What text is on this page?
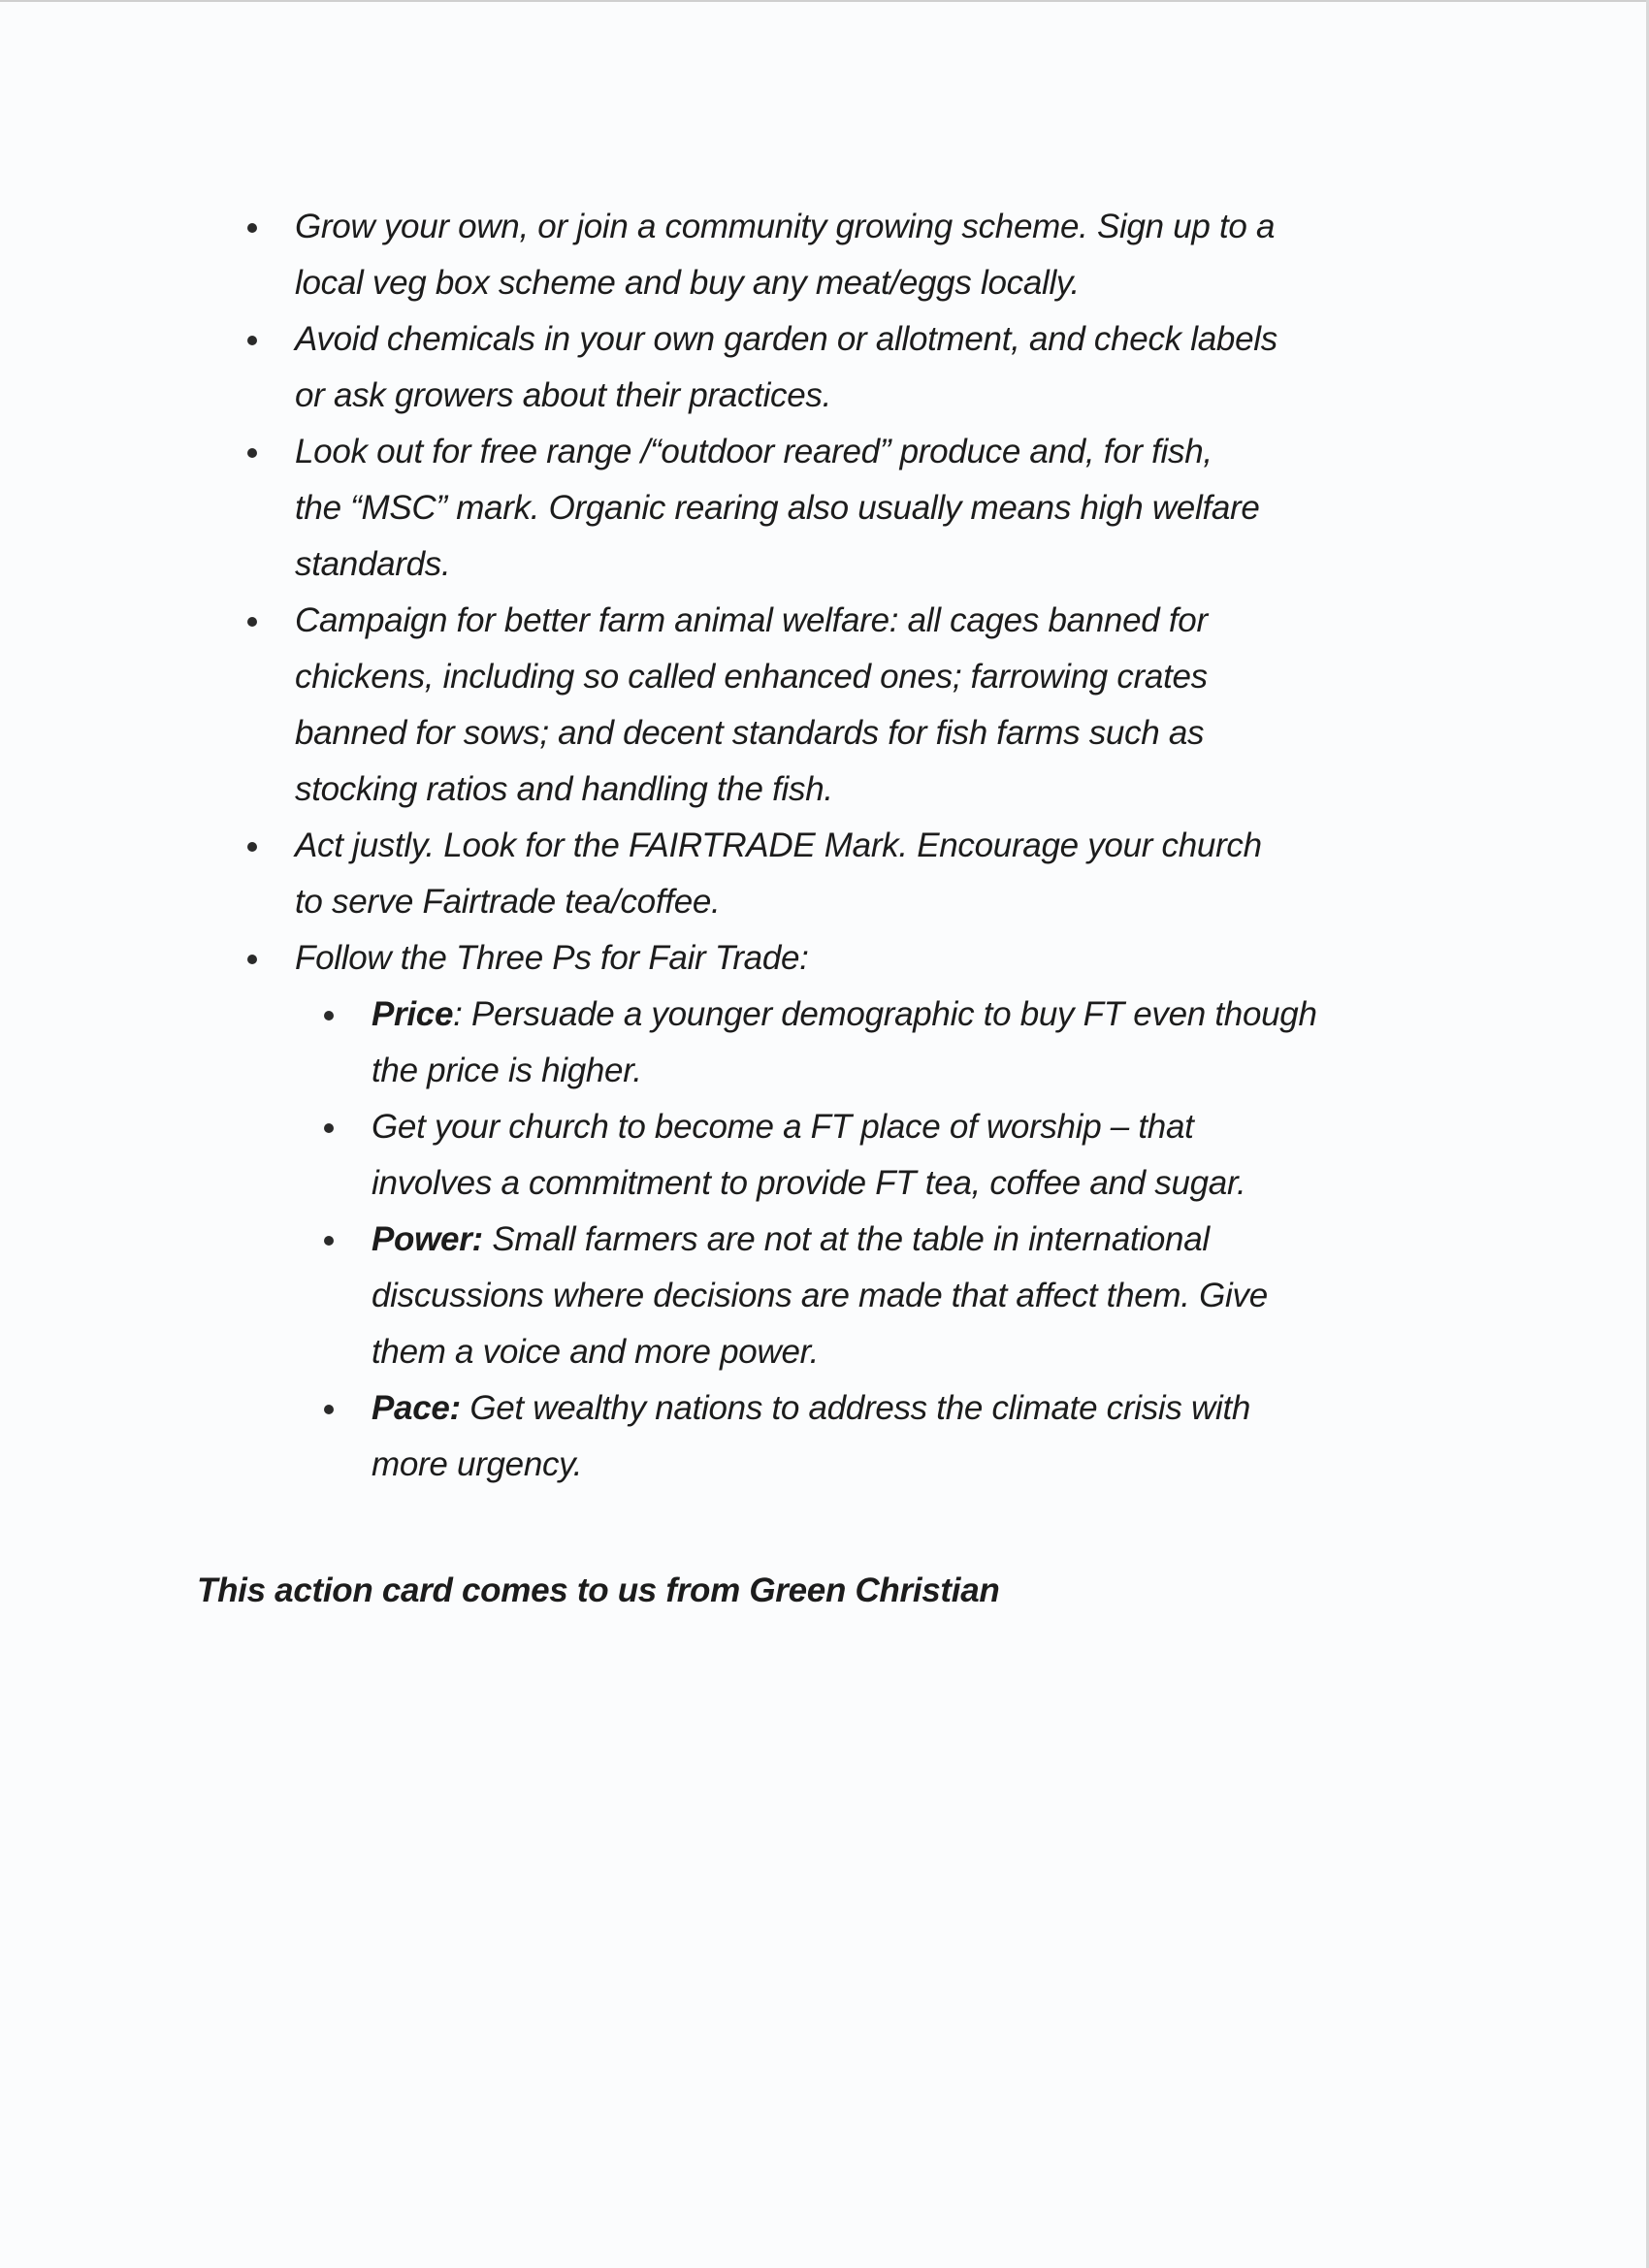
Grow your own, or join a community growing scheme. Sign up to a
local veg box scheme and buy any meat/eggs locally.
Avoid chemicals in your own garden or allotment, and check labels
or ask growers about their practices.
Look out for free range /“outdoor reared” produce and, for fish,
the “MSC” mark. Organic rearing also usually means high welfare
standards.
Campaign for better farm animal welfare: all cages banned for
chickens, including so called enhanced ones; farrowing crates
banned for sows; and decent standards for fish farms such as
stocking ratios and handling the fish.
Act justly. Look for the FAIRTRADE Mark. Encourage your church
to serve Fairtrade tea/coffee.
Follow the Three Ps for Fair Trade:
Price: Persuade a younger demographic to buy FT even though
the price is higher.
Get your church to become a FT place of worship – that
involves a commitment to provide FT tea, coffee and sugar.
Power: Small farmers are not at the table in international
discussions where decisions are made that affect them. Give
them a voice and more power.
Pace: Get wealthy nations to address the climate crisis with
more urgency.
This action card comes to us from Green Christian
